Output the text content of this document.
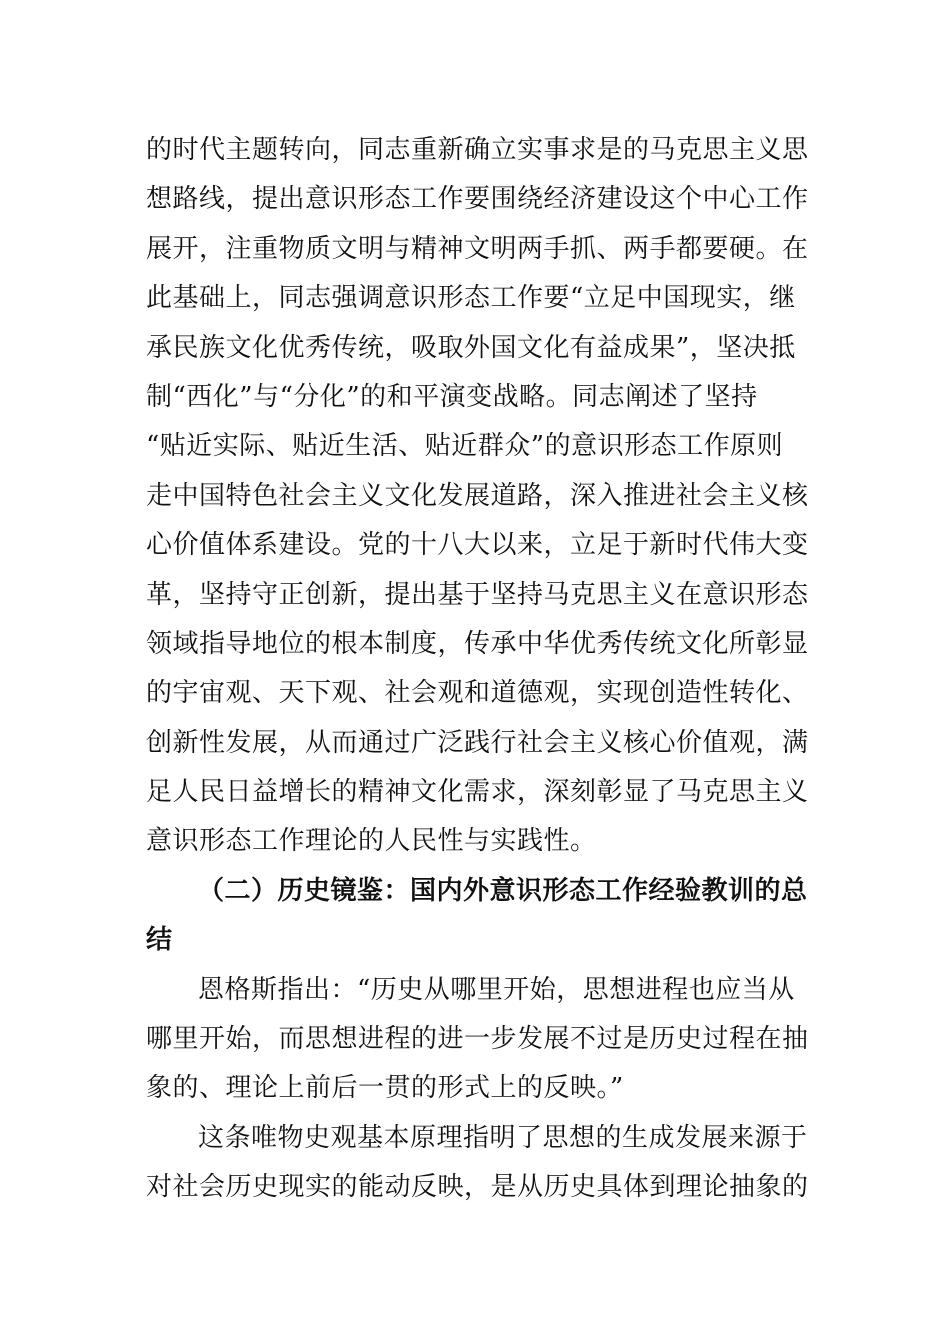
的时代主题转向，同志重新确立实事求是的马克思主义思
想路线，提出意识形态工作要围绕经济建设这个中心工作
展开，注重物质文明与精神文明两手抓、两手都要硬。在
此基础上，同志强调意识形态工作要“立足中国现实，继
承民族文化优秀传统，吸取外国文化有益成果”，坚决抵
制“西化”与“分化”的和平演变战略。同志阐述了坚持
“贴近实际、贴近生活、贴近群众”的意识形态工作原则
走中国特色社会主义文化发展道路，深入推进社会主义核
心价值体系建设。党的十八大以来，立足于新时代伟大变
革，坚持守正创新，提出基于坚持马克思主义在意识形态
领域指导地位的根本制度，传承中华优秀传统文化所彰显
的宇宙观、天下观、社会观和道德观，实现创造性转化、
创新性发展，从而通过广泛践行社会主义核心价值观，满
足人民日益增长的精神文化需求，深刻彰显了马克思主义
意识形态工作理论的人民性与实践性。
（二）历史镜鉴：国内外意识形态工作经验教训的总
结
恩格斯指出：“历史从哪里开始，思想进程也应当从
哪里开始，而思想进程的进一步发展不过是历史过程在抽
象的、理论上前后一贯的形式上的反映。”
这条唯物史观基本原理指明了思想的生成发展来源于
对社会历史现实的能动反映，是从历史具体到理论抽象的
